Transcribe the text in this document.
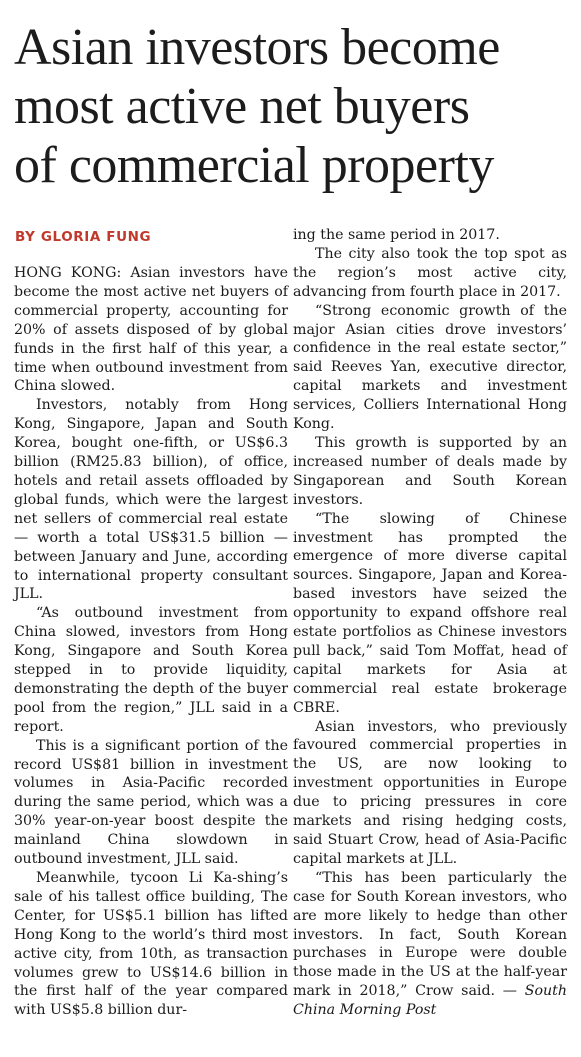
Asian investors become
most active net buyers
of commercial property
BY GLORIA FUNG

HONG KONG: Asian investors have become the most active net buyers of commercial property, accounting for 20% of assets disposed of by global funds in the first half of this year, a time when outbound investment from China slowed.

Investors, notably from Hong Kong, Singapore, Japan and South Korea, bought one-fifth, or US$6.3 billion (RM25.83 billion), of office, hotels and retail assets offloaded by global funds, which were the largest net sellers of commercial real estate — worth a total US$31.5 billion — between January and June, according to international property consultant JLL.

“As outbound investment from China slowed, investors from Hong Kong, Singapore and South Korea stepped in to provide liquidity, demonstrating the depth of the buyer pool from the region,” JLL said in a report.

This is a significant portion of the record US$81 billion in investment volumes in Asia-Pacific recorded during the same period, which was a 30% year-on-year boost despite the mainland China slowdown in outbound investment, JLL said.

Meanwhile, tycoon Li Ka-shing’s sale of his tallest office building, The Center, for US$5.1 billion has lifted Hong Kong to the world’s third most active city, from 10th, as transaction volumes grew to US$14.6 billion in the first half of the year compared with US$5.8 billion dur-

ing the same period in 2017.

The city also took the top spot as the region’s most active city, advancing from fourth place in 2017.

“Strong economic growth of the major Asian cities drove investors’ confidence in the real estate sector,” said Reeves Yan, executive director, capital markets and investment services, Colliers International Hong Kong.

This growth is supported by an increased number of deals made by Singaporean and South Korean investors.

“The slowing of Chinese investment has prompted the emergence of more diverse capital sources. Singapore, Japan and Korea-based investors have seized the opportunity to expand offshore real estate portfolios as Chinese investors pull back,” said Tom Moffat, head of capital markets for Asia at commercial real estate brokerage CBRE.

Asian investors, who previously favoured commercial properties in the US, are now looking to investment opportunities in Europe due to pricing pressures in core markets and rising hedging costs, said Stuart Crow, head of Asia-Pacific capital markets at JLL.

“This has been particularly the case for South Korean investors, who are more likely to hedge than other investors. In fact, South Korean purchases in Europe were double those made in the US at the half-year mark in 2018,” Crow said. — South China Morning Post
